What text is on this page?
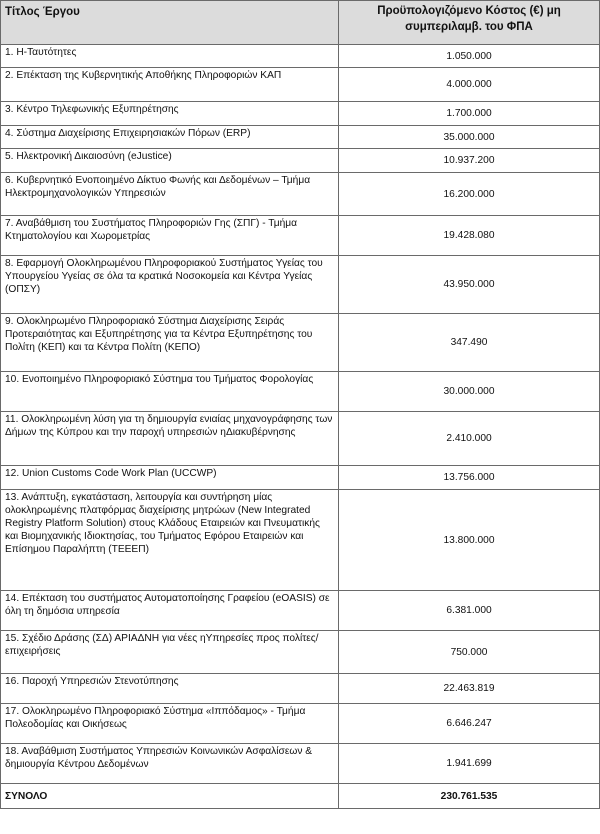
Τίτλος Έργου	Προϋπολογιζόμενο Κόστος (€) μη συμπεριλαμβ. του ΦΠΑ
1. Η-Ταυτότητες	1.050.000
2. Επέκταση της Κυβερνητικής Αποθήκης Πληροφοριών ΚΑΠ	4.000.000
3. Κέντρο Τηλεφωνικής Εξυπηρέτησης	1.700.000
4. Σύστημα Διαχείρισης Επιχειρησιακών Πόρων (ERP)	35.000.000
5. Ηλεκτρονική Δικαιοσύνη (eJustice)	10.937.200
6. Κυβερνητικό Ενοποιημένο Δίκτυο Φωνής και Δεδομένων – Τμήμα Ηλεκτρομηχανολογικών Υπηρεσιών	16.200.000
7. Αναβάθμιση του Συστήματος Πληροφοριών Γης (ΣΠΓ) - Τμήμα Κτηματολογίου και Χωρομετρίας	19.428.080
8. Εφαρμογή Ολοκληρωμένου Πληροφοριακού Συστήματος Υγείας του Υπουργείου Υγείας σε όλα τα κρατικά Νοσοκομεία και Κέντρα Υγείας (ΟΠΣΥ)	43.950.000
9. Ολοκληρωμένο Πληροφοριακό Σύστημα Διαχείρισης Σειράς Προτεραιότητας και Εξυπηρέτησης για τα Κέντρα Εξυπηρέτησης του Πολίτη (ΚΕΠ) και τα Κέντρα Πολίτη (ΚΕΠΟ)	347.490
10. Ενοποιημένο Πληροφοριακό Σύστημα του Τμήματος Φορολογίας	30.000.000
11. Ολοκληρωμένη λύση για τη δημιουργία ενιαίας μηχανογράφησης των Δήμων της Κύπρου και την παροχή υπηρεσιών ηΔιακυβέρνησης	2.410.000
12. Union Customs Code Work Plan (UCCWP)	13.756.000
13. Ανάπτυξη, εγκατάσταση, λειτουργία και συντήρηση μίας ολοκληρωμένης πλατφόρμας διαχείρισης μητρώων (New Integrated Registry Platform Solution) στους Κλάδους Εταιρειών και Πνευματικής και Βιομηχανικής Ιδιοκτησίας, του Τμήματος Εφόρου Εταιρειών και Επίσημου Παραλήπτη (ΤΕΕΕΠ)	13.800.000
14. Επέκταση του συστήματος Αυτοματοποίησης Γραφείου (eOASIS) σε όλη τη δημόσια υπηρεσία	6.381.000
15. Σχέδιο Δράσης (ΣΔ) ΑΡΙΑΔΝΗ για νέες ηΥπηρεσίες προς πολίτες/επιχειρήσεις	750.000
16. Παροχή Υπηρεσιών Στενοτύπησης	22.463.819
17. Ολοκληρωμένο Πληροφοριακό Σύστημα «Ιππόδαμος» - Τμήμα Πολεοδομίας και Οικήσεως	6.646.247
18. Αναβάθμιση Συστήματος Υπηρεσιών Κοινωνικών Ασφαλίσεων & δημιουργία Κέντρου Δεδομένων	1.941.699
ΣΥΝΟΛΟ	230.761.535
